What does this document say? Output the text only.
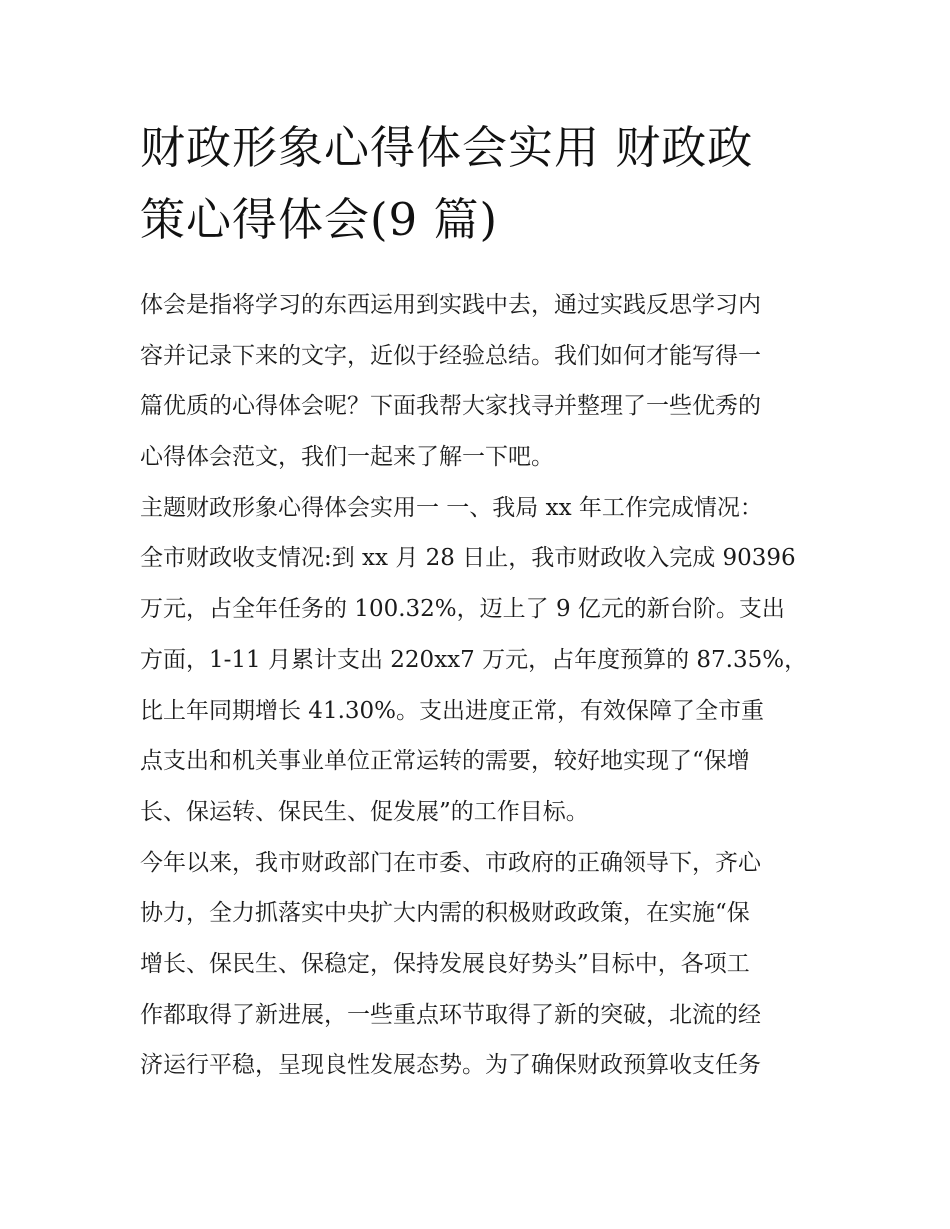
财政形象心得体会实用 财政政
策心得体会(9 篇)
体会是指将学习的东西运用到实践中去，通过实践反思学习内
容并记录下来的文字，近似于经验总结。我们如何才能写得一
篇优质的心得体会呢？下面我帮大家找寻并整理了一些优秀的
心得体会范文，我们一起来了解一下吧。
主题财政形象心得体会实用一 一、我局 xx 年工作完成情况：
全市财政收支情况:到 xx 月 28 日止，我市财政收入完成 90396
万元，占全年任务的 100.32%，迈上了 9 亿元的新台阶。支出
方面，1-11 月累计支出 220xx7 万元，占年度预算的 87.35%，
比上年同期增长 41.30%。支出进度正常，有效保障了全市重
点支出和机关事业单位正常运转的需要，较好地实现了“保增
长、保运转、保民生、促发展”的工作目标。
今年以来，我市财政部门在市委、市政府的正确领导下，齐心
协力，全力抓落实中央扩大内需的积极财政政策，在实施“保
增长、保民生、保稳定，保持发展良好势头”目标中，各项工
作都取得了新进展，一些重点环节取得了新的突破，北流的经
济运行平稳，呈现良性发展态势。为了确保财政预算收支任务
